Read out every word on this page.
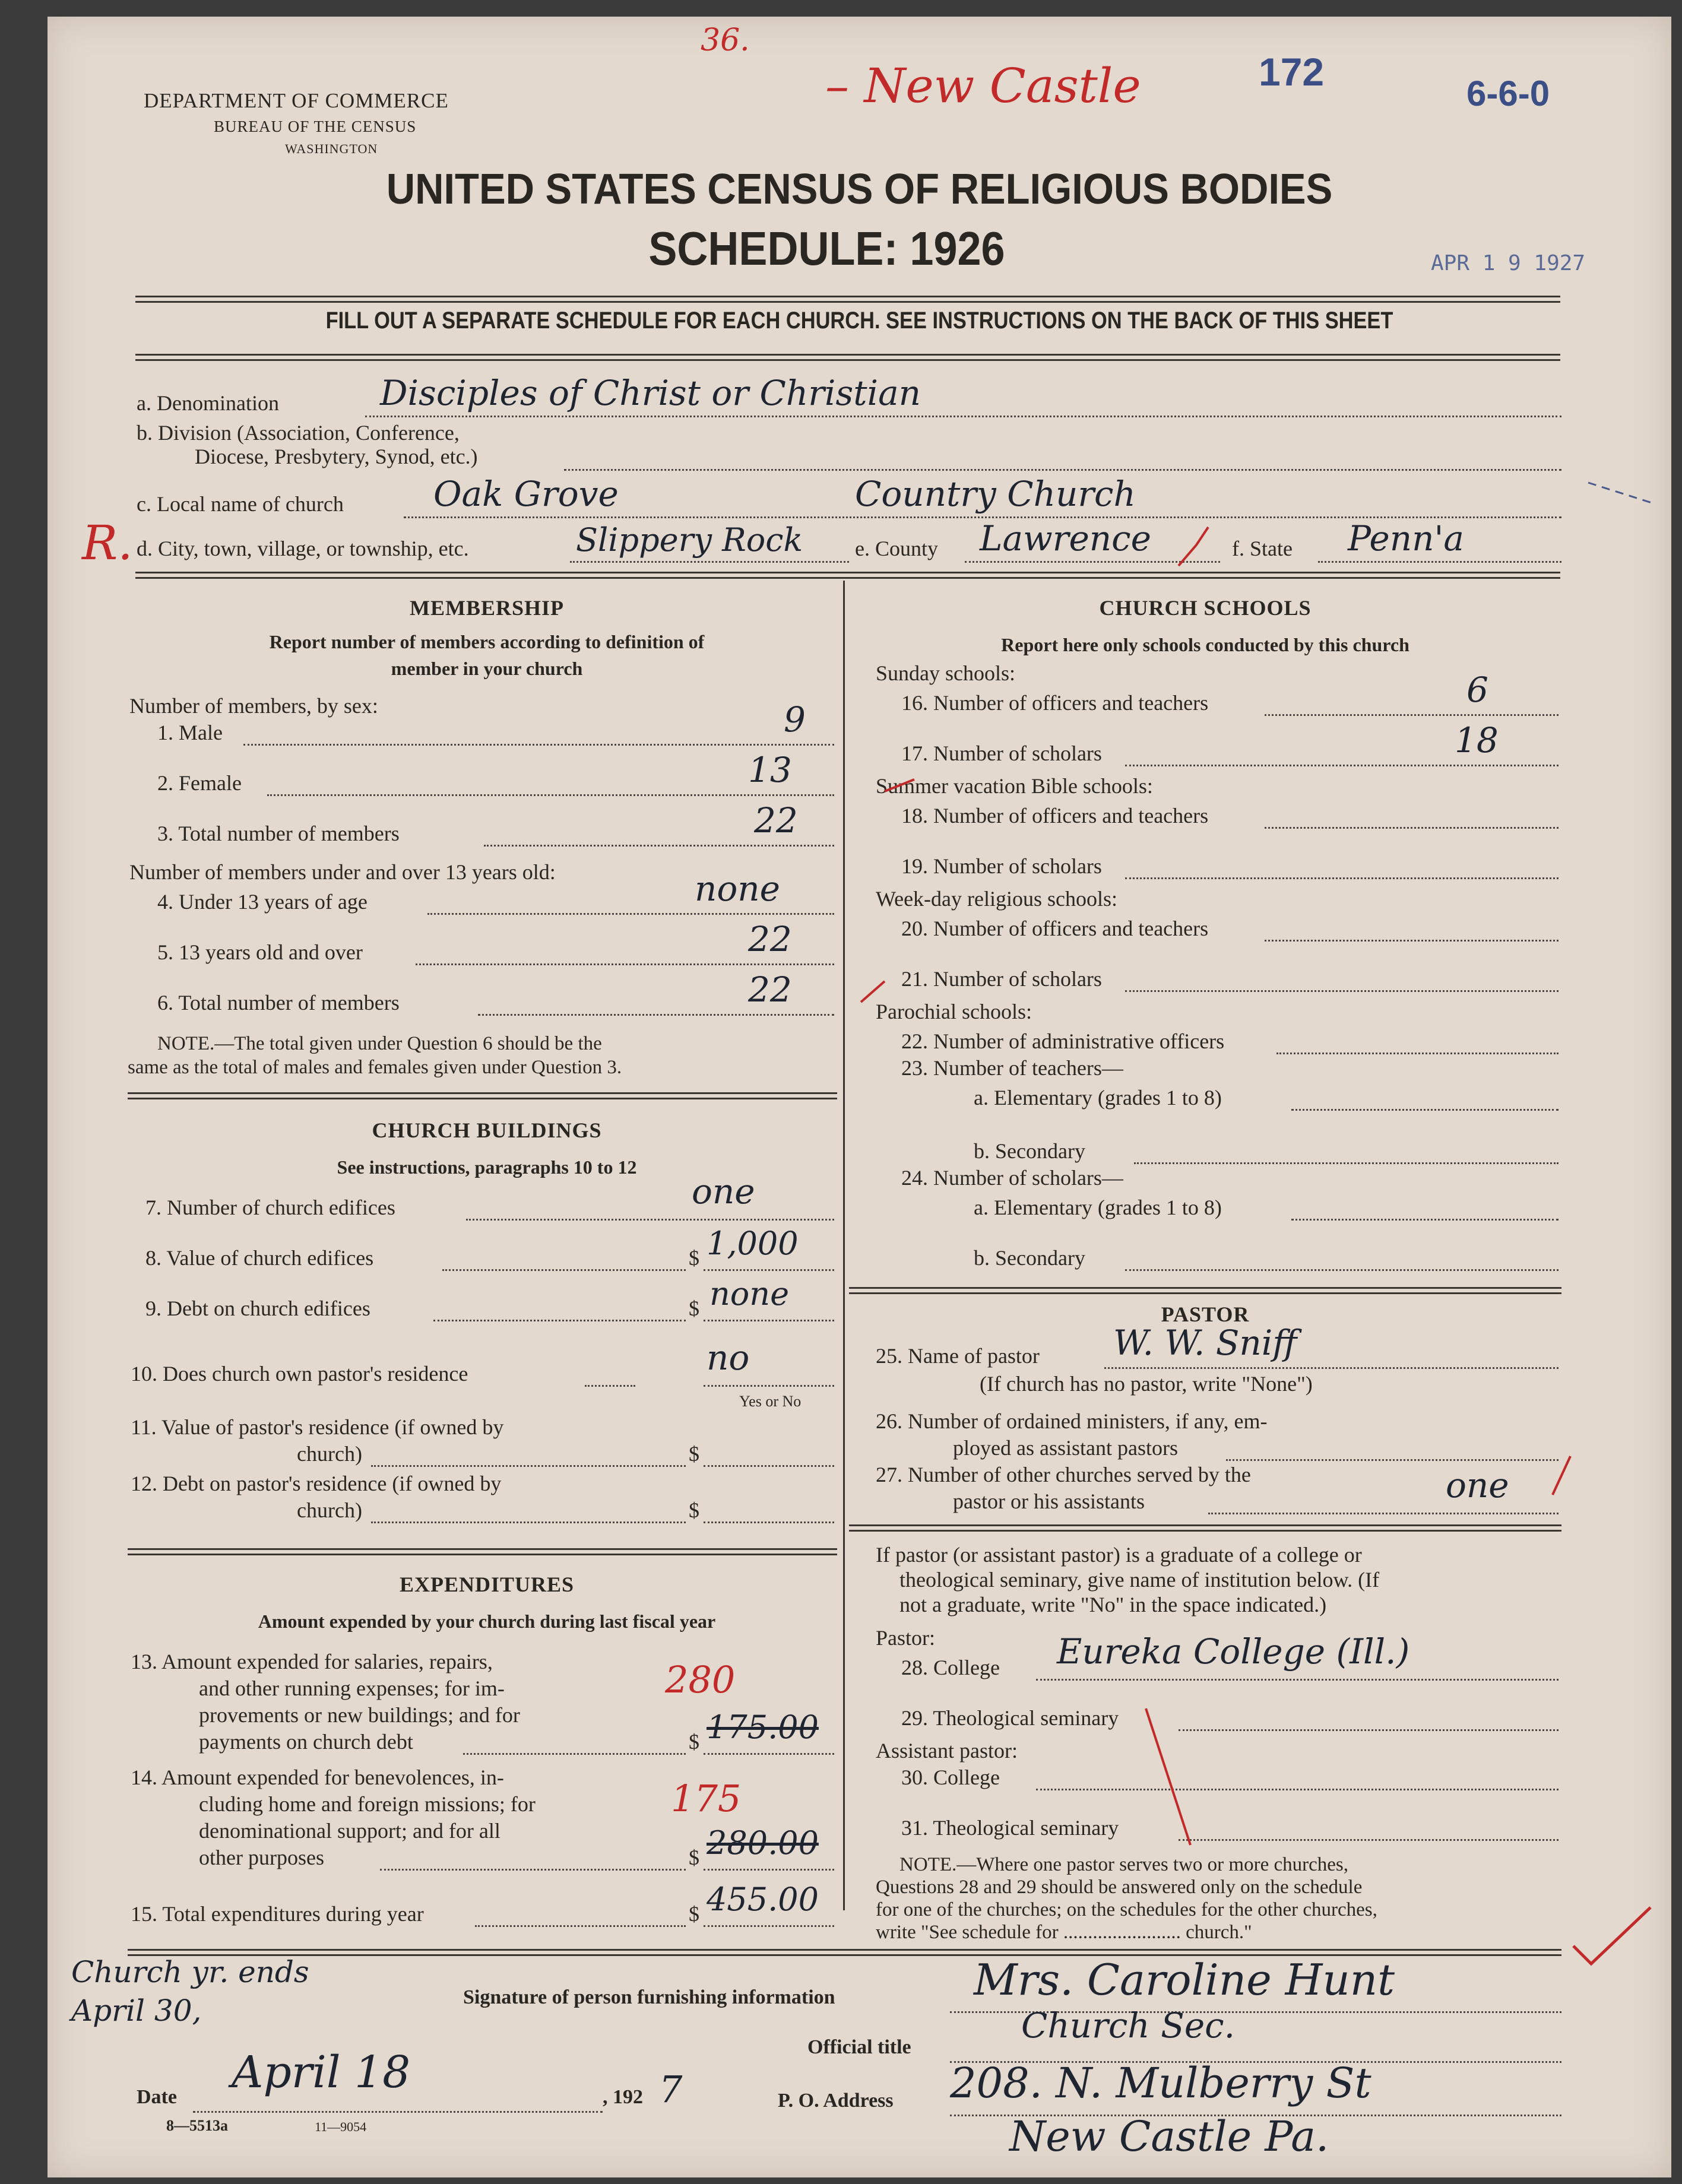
36.
– New Castle	172	6-6-0
DEPARTMENT OF COMMERCE
BUREAU OF THE CENSUS
WASHINGTON
UNITED STATES CENSUS OF RELIGIOUS BODIES
SCHEDULE: 1926	APR 1 9 1927
FILL OUT A SEPARATE SCHEDULE FOR EACH CHURCH. SEE INSTRUCTIONS ON THE BACK OF THIS SHEET
R.
a. Denomination	Disciples of Christ or Christian
b. Division (Association, Conference,
Diocese, Presbytery, Synod, etc.)
c. Local name of church	Oak Grove	Country Church
d. City, town, village, or township, etc.	Slippery Rock e. County Lawrence	f. State Penn'a
MEMBERSHIP
Report number of members according to definition of
member in your church
Number of members, by sex:
1. Male	9
2. Female	13
3. Total number of members	22
Number of members under and over 13 years old:
4. Under 13 years of age	none
5. 13 years old and over	22
6. Total number of members	22
NOTE.—The total given under Question 6 should be the
same as the total of males and females given under Question 3.
CHURCH BUILDINGS
See instructions, paragraphs 10 to 12
7. Number of church edifices	one
8. Value of church edifices	$ 1,000
9. Debt on church edifices	$ none
10. Does church own pastor's residence	no
Yes or No
11. Value of pastor's residence (if owned by
church)	$
12. Debt on pastor's residence (if owned by
church)	$
EXPENDITURES
Amount expended by your church during last fiscal year
13. Amount expended for salaries, repairs,
and other running expenses; for im-
provements or new buildings; and for
payments on church debt	$
280
175.00
14. Amount expended for benevolences, in-
cluding home and foreign missions; for
denominational support; and for all
other purposes	$
175
280.00
15. Total expenditures during year	$ 455.00
CHURCH SCHOOLS
Report here only schools conducted by this church
Sunday schools:
16. Number of officers and teachers	6
17. Number of scholars	18
Summer vacation Bible schools:
18. Number of officers and teachers
19. Number of scholars
Week-day religious schools:
20. Number of officers and teachers
21. Number of scholars
Parochial schools:
22. Number of administrative officers
23. Number of teachers—
a. Elementary (grades 1 to 8)
b. Secondary
24. Number of scholars—
a. Elementary (grades 1 to 8)
b. Secondary
PASTOR
25. Name of pastor W. W. Sniff
(If church has no pastor, write "None")
26. Number of ordained ministers, if any, em-
ployed as assistant pastors
27. Number of other churches served by the
pastor or his assistants	one
If pastor (or assistant pastor) is a graduate of a college or
theological seminary, give name of institution below. (If
not a graduate, write "No" in the space indicated.)
Pastor:
28. College Eureka College (Ill.)
29. Theological seminary
Assistant pastor:
30. College
31. Theological seminary
NOTE.—Where one pastor serves two or more churches,
Questions 28 and 29 should be answered only on the schedule
for one of the churches; on the schedules for the other churches,
write "See schedule for ........................ church."
Church yr. ends
April 30,	Signature of person furnishing information	Mrs. Caroline Hunt
Official title
Church Sec.
Date April 18	, 192 7	P. O. Address 208. N. Mulberry St
New Castle Pa.
8—5513a	11—9054
